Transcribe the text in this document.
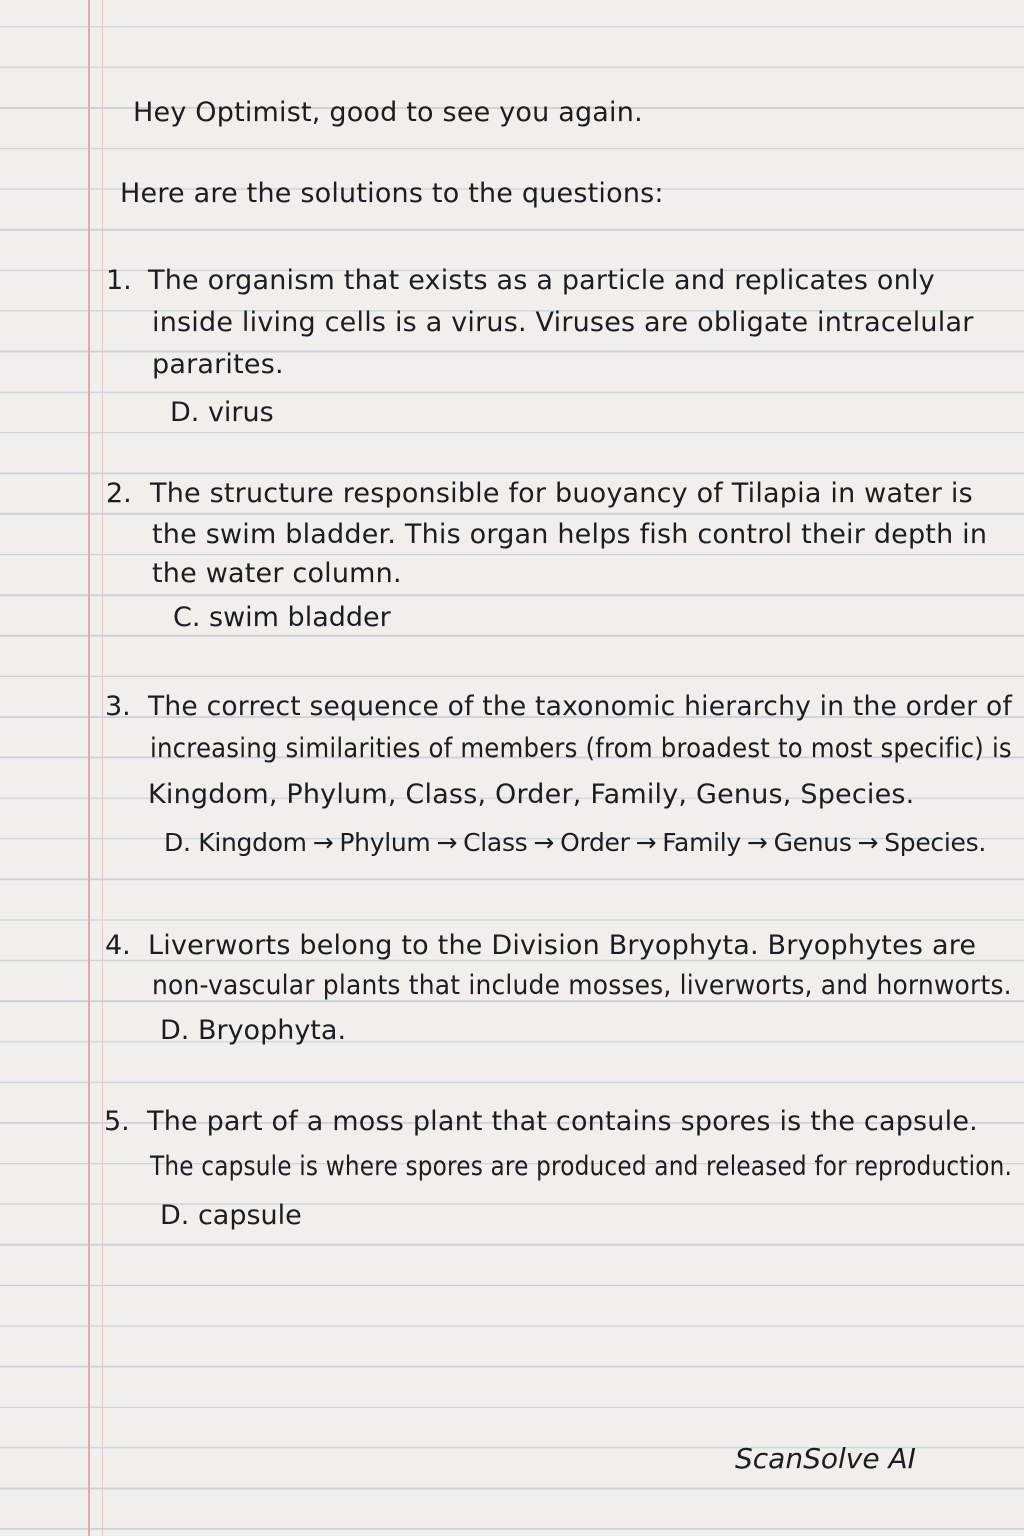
Hey Optimist, good to see you again.
Here are the solutions to the questions:
1. The organism that exists as a particle and replicates only
inside living cells is a virus. Viruses are obligate intracelular
pararites.
D. virus
2. The structure responsible for buoyancy of Tilapia in water is
the swim bladder. This organ helps fish control their depth in
the water column.
C. swim bladder
3. The correct sequence of the taxonomic hierarchy in the order of
increasing similarities of members (from broadest to most specific) is
Kingdom, Phylum, Class, Order, Family, Genus, Species.
D. Kingdom → Phylum → Class → Order → Family → Genus → Species.
4. Liverworts belong to the Division Bryophyta. Bryophytes are
non-vascular plants that include mosses, liverworts, and hornworts.
D. Bryophyta.
5. The part of a moss plant that contains spores is the capsule.
The capsule is where spores are produced and released for reproduction.
D. capsule
ScanSolve AI
